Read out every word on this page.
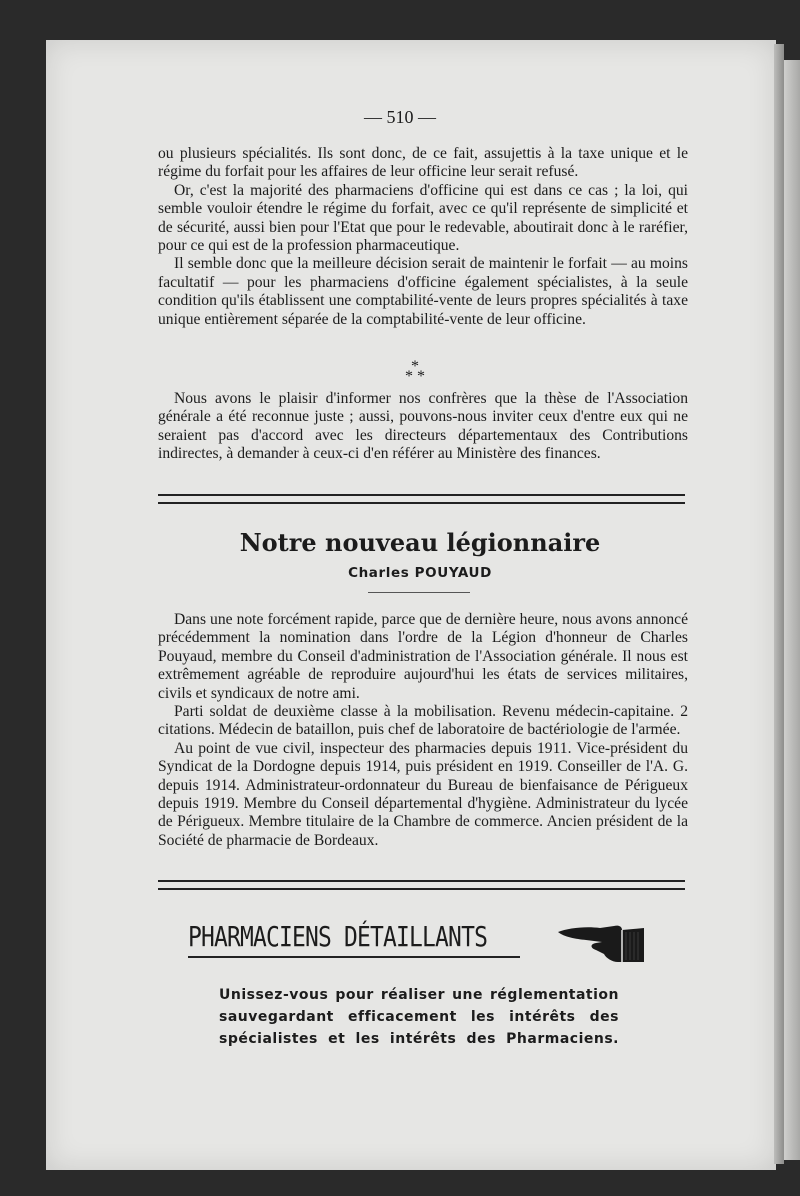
— 510 —

ou plusieurs spécialités. Ils sont donc, de ce fait, assujettis à la taxe unique et le régime du forfait pour les affaires de leur officine leur serait refusé.

Or, c'est la majorité des pharmaciens d'officine qui est dans ce cas ; la loi, qui semble vouloir étendre le régime du forfait, avec ce qu'il représente de simplicité et de sécurité, aussi bien pour l'Etat que pour le redevable, aboutirait donc à le raréfier, pour ce qui est de la profession pharmaceutique.

Il semble donc que la meilleure décision serait de maintenir le forfait — au moins facultatif — pour les pharmaciens d'officine également spécialistes, à la seule condition qu'ils établissent une comptabilité-vente de leurs propres spécialités à taxe unique entièrement séparée de la comptabilité-vente de leur officine.

*
* *

Nous avons le plaisir d'informer nos confrères que la thèse de l'Association générale a été reconnue juste ; aussi, pouvons-nous inviter ceux d'entre eux qui ne seraient pas d'accord avec les directeurs départementaux des Contributions indirectes, à demander à ceux-ci d'en référer au Ministère des finances.

Notre nouveau légionnaire
Charles POUYAUD

Dans une note forcément rapide, parce que de dernière heure, nous avons annoncé précédemment la nomination dans l'ordre de la Légion d'honneur de Charles Pouyaud, membre du Conseil d'administration de l'Association générale. Il nous est extrêmement agréable de reproduire aujourd'hui les états de services militaires, civils et syndicaux de notre ami.

Parti soldat de deuxième classe à la mobilisation. Revenu médecin-capitaine. 2 citations. Médecin de bataillon, puis chef de laboratoire de bactériologie de l'armée.

Au point de vue civil, inspecteur des pharmacies depuis 1911. Vice-président du Syndicat de la Dordogne depuis 1914, puis président en 1919. Conseiller de l'A. G. depuis 1914. Administrateur-ordonnateur du Bureau de bienfaisance de Périgueux depuis 1919. Membre du Conseil départemental d'hygiène. Administrateur du lycée de Périgueux. Membre titulaire de la Chambre de commerce. Ancien président de la Société de pharmacie de Bordeaux.

PHARMACIENS DÉTAILLANTS
Unissez-vous pour réaliser une réglementation
sauvegardant efficacement les intérêts des
spécialistes et les intérêts des Pharmaciens.
